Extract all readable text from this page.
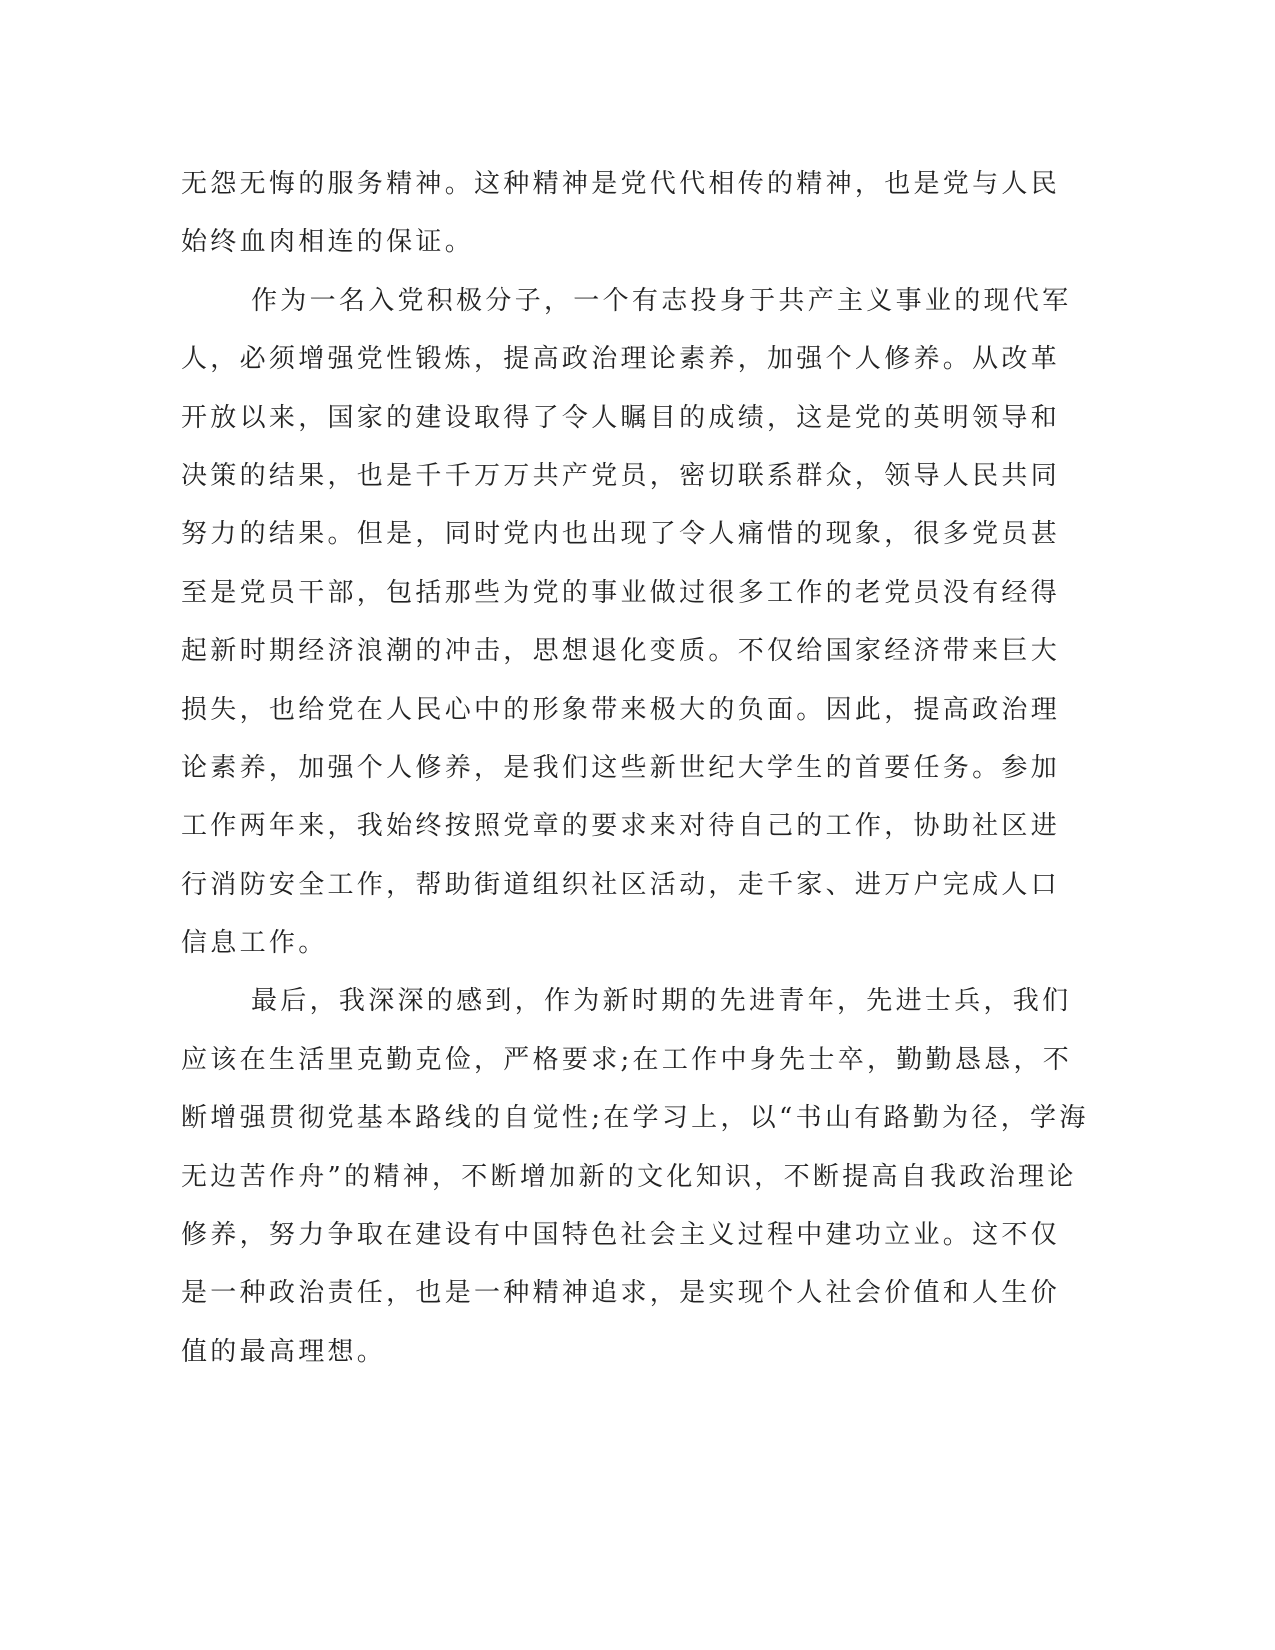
无怨无悔的服务精神。这种精神是党代代相传的精神，也是党与人民
始终血肉相连的保证。
作为一名入党积极分子，一个有志投身于共产主义事业的现代军
人，必须增强党性锻炼，提高政治理论素养，加强个人修养。从改革
开放以来，国家的建设取得了令人瞩目的成绩，这是党的英明领导和
决策的结果，也是千千万万共产党员，密切联系群众，领导人民共同
努力的结果。但是，同时党内也出现了令人痛惜的现象，很多党员甚
至是党员干部，包括那些为党的事业做过很多工作的老党员没有经得
起新时期经济浪潮的冲击，思想退化变质。不仅给国家经济带来巨大
损失，也给党在人民心中的形象带来极大的负面。因此，提高政治理
论素养，加强个人修养，是我们这些新世纪大学生的首要任务。参加
工作两年来，我始终按照党章的要求来对待自己的工作，协助社区进
行消防安全工作，帮助街道组织社区活动，走千家、进万户完成人口
信息工作。
最后，我深深的感到，作为新时期的先进青年，先进士兵，我们
应该在生活里克勤克俭，严格要求;在工作中身先士卒，勤勤恳恳，不
断增强贯彻党基本路线的自觉性;在学习上，以“书山有路勤为径，学海
无边苦作舟”的精神，不断增加新的文化知识，不断提高自我政治理论
修养，努力争取在建设有中国特色社会主义过程中建功立业。这不仅
是一种政治责任，也是一种精神追求，是实现个人社会价值和人生价
值的最高理想。
